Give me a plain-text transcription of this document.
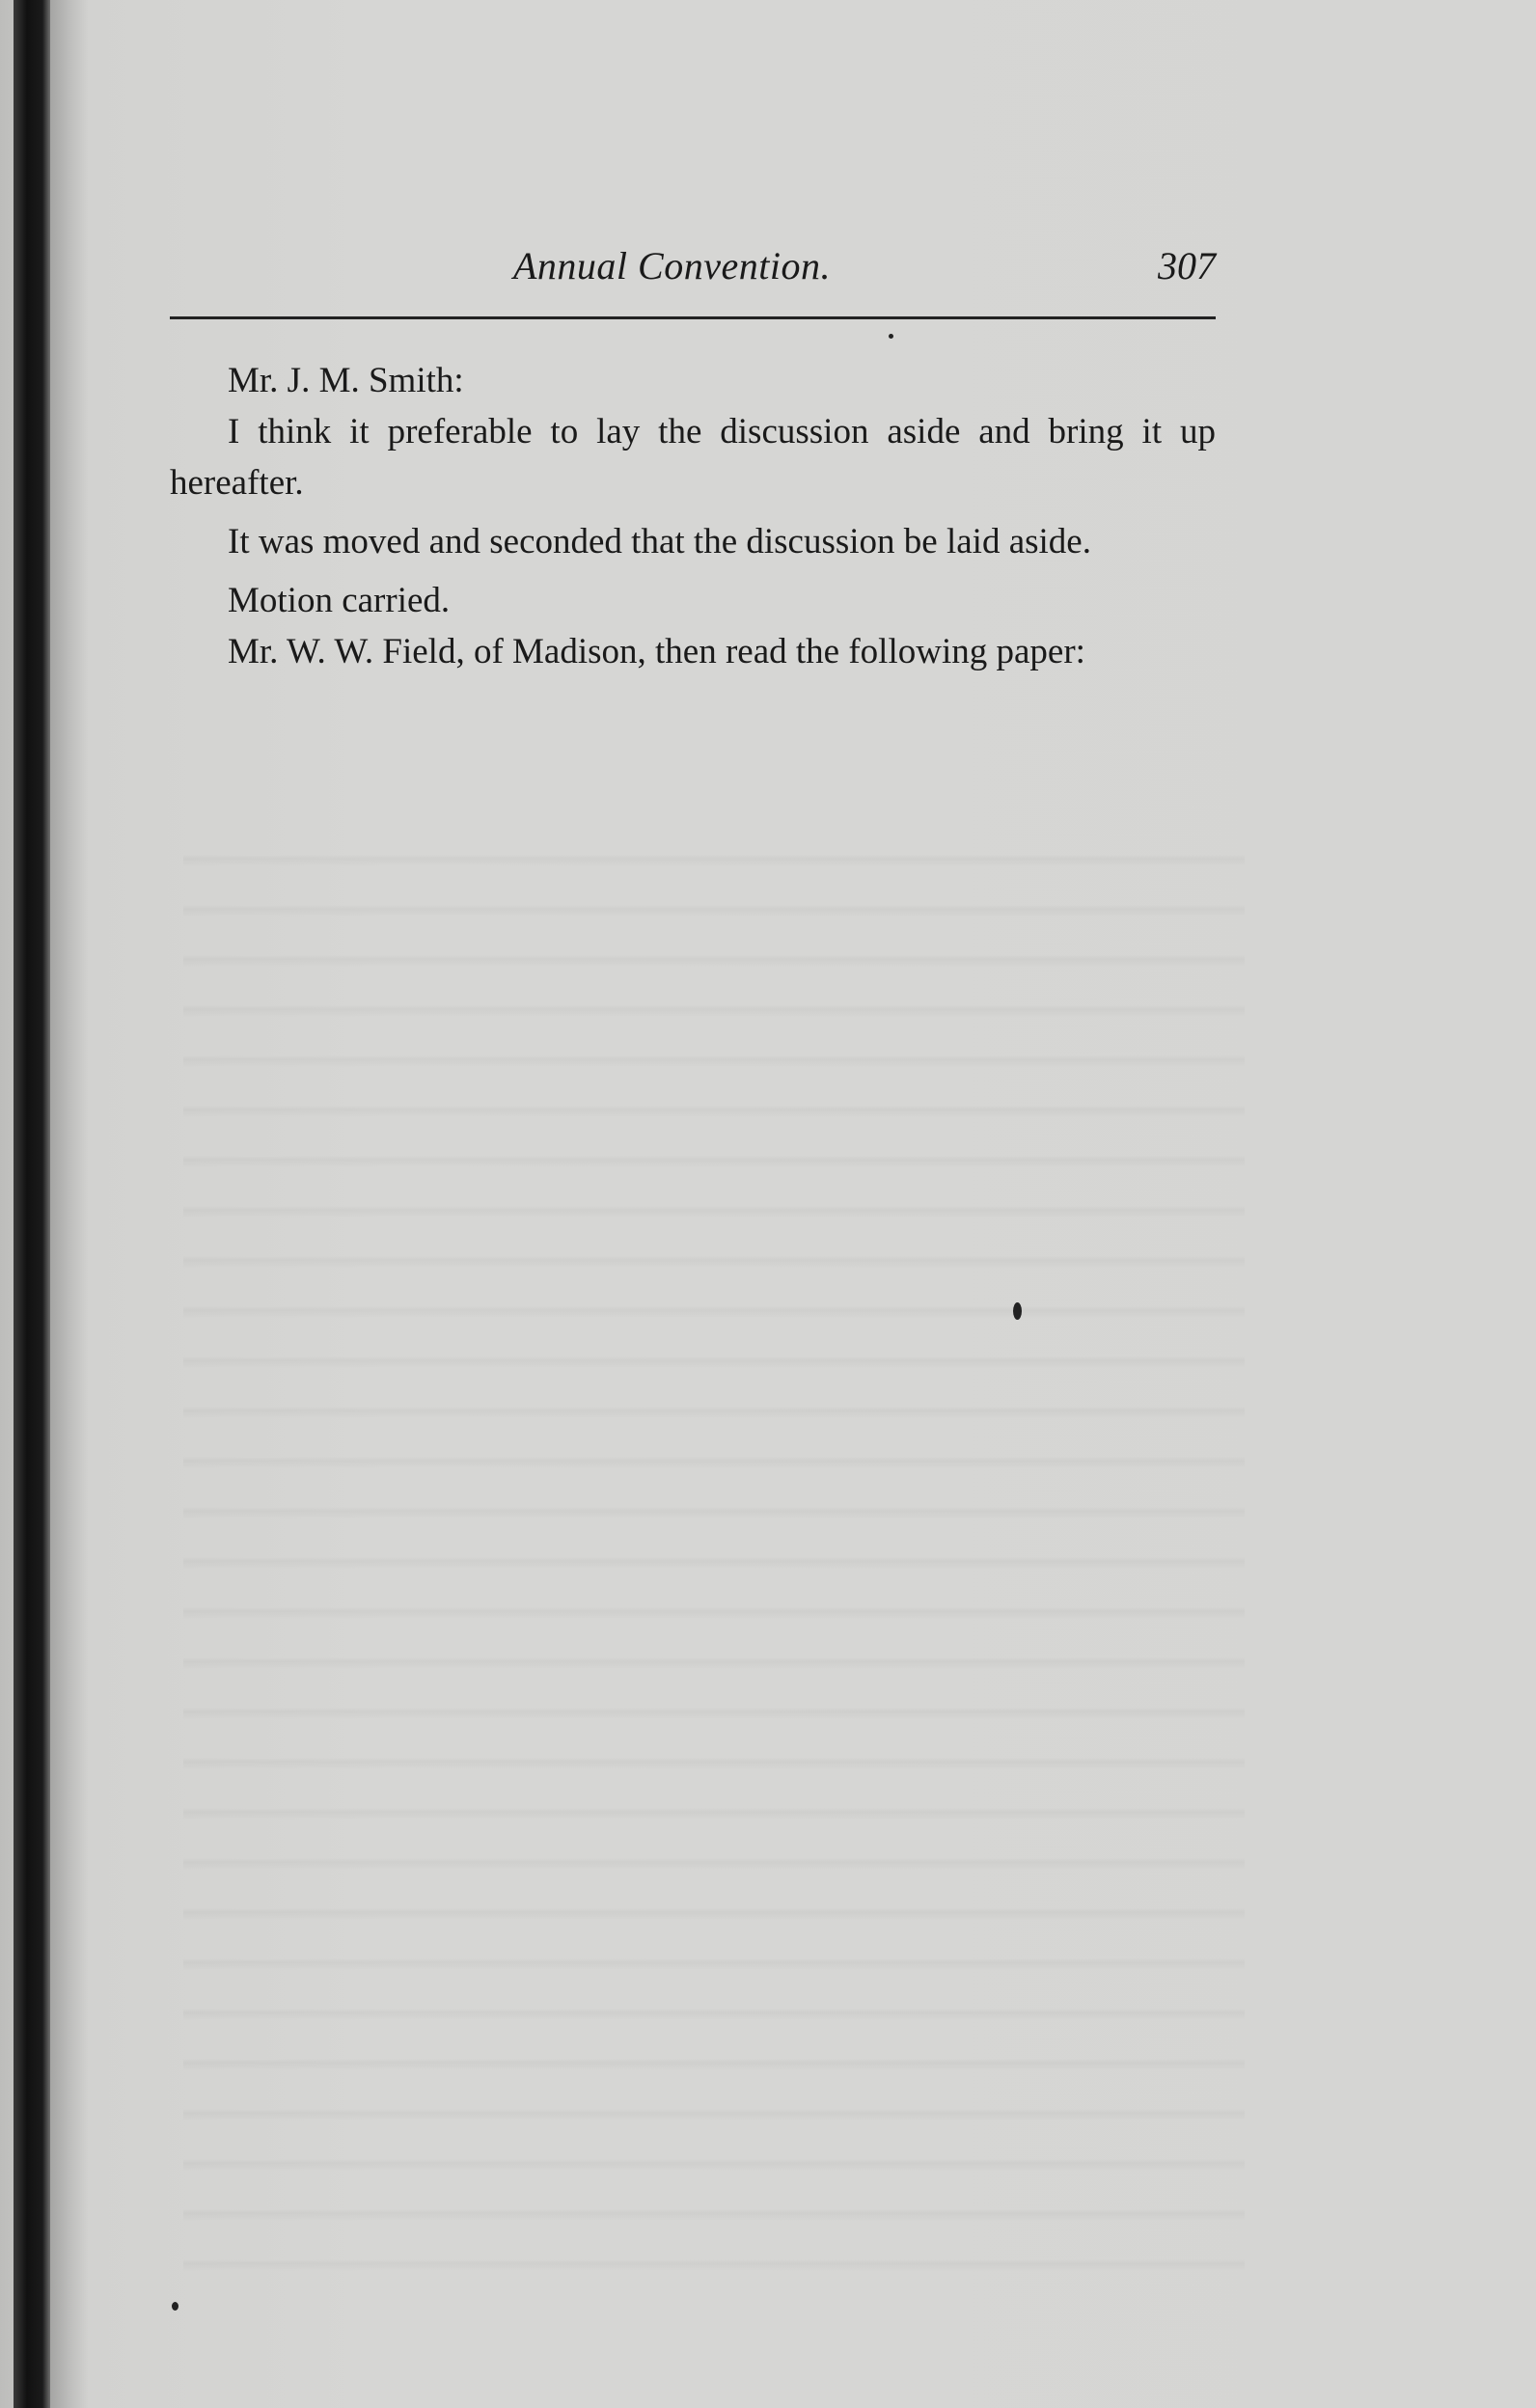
Annual Convention.	307

Mr. J. M. Smith:

I think it preferable to lay the discussion aside and bring it up hereafter.

It was moved and seconded that the discussion be laid aside.

Motion carried.

Mr. W. W. Field, of Madison, then read the following paper:
